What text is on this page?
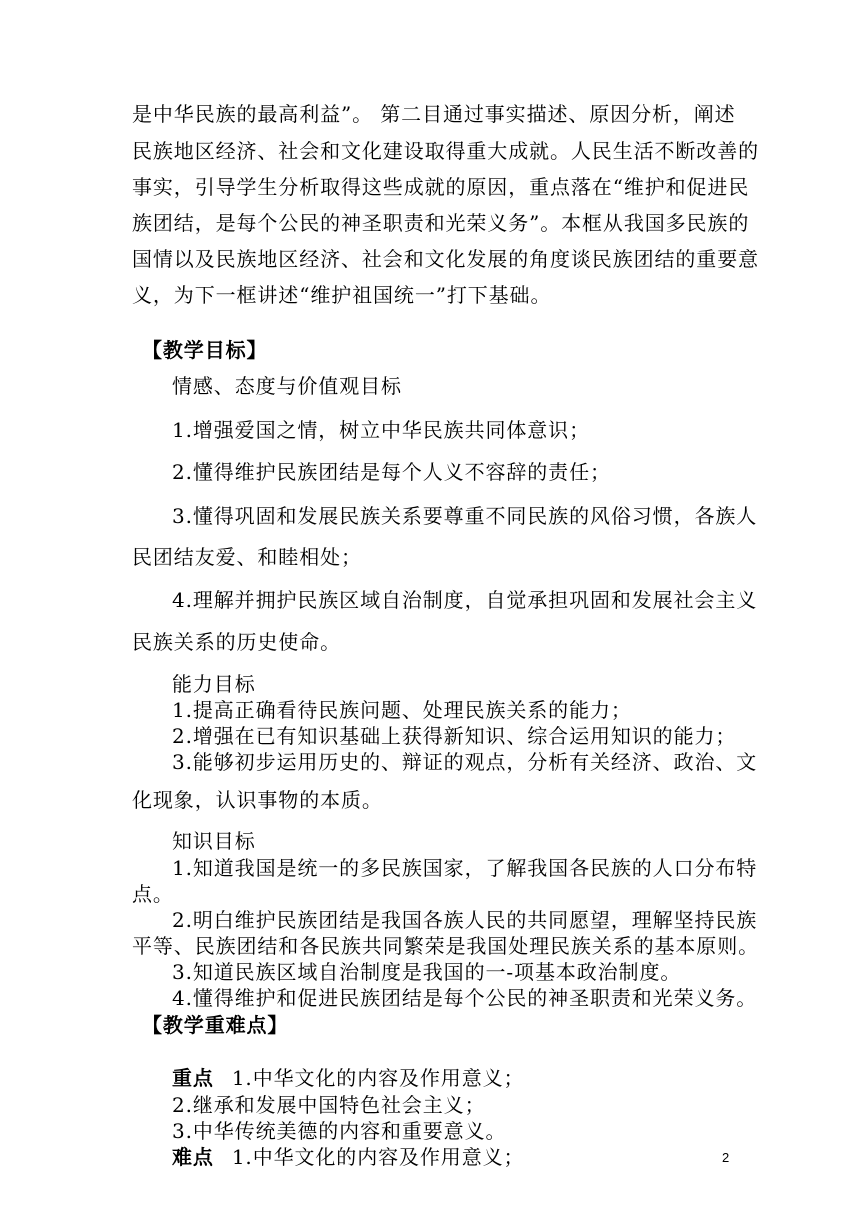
是中华民族的最高利益”。 第二目通过事实描述、原因分析，阐述
民族地区经济、社会和文化建设取得重大成就。人民生活不断改善的
事实，引导学生分析取得这些成就的原因，重点落在“维护和促进民
族团结，是每个公民的神圣职责和光荣义务”。本框从我国多民族的
国情以及民族地区经济、社会和文化发展的角度谈民族团结的重要意
义，为下一框讲述“维护祖国统一”打下基础。
【教学目标】
情感、态度与价值观目标
1.增强爱国之情，树立中华民族共同体意识；
2.懂得维护民族团结是每个人义不容辞的责任；
3.懂得巩固和发展民族关系要尊重不同民族的风俗习惯，各族人
民团结友爱、和睦相处；
4.理解并拥护民族区域自治制度，自觉承担巩固和发展社会主义
民族关系的历史使命。
能力目标
1.提高正确看待民族问题、处理民族关系的能力；
2.增强在已有知识基础上获得新知识、综合运用知识的能力；
3.能够初步运用历史的、辩证的观点，分析有关经济、政治、文
化现象，认识事物的本质。
知识目标
1.知道我国是统一的多民族国家，了解我国各民族的人口分布特
点。
2.明白维护民族团结是我国各族人民的共同愿望，理解坚持民族
平等、民族团结和各民族共同繁荣是我国处理民族关系的基本原则。
3.知道民族区域自治制度是我国的一-项基本政治制度。
4.懂得维护和促进民族团结是每个公民的神圣职责和光荣义务。
【教学重难点】
重点 1.中华文化的内容及作用意义；
2.继承和发展中国特色社会主义；
3.中华传统美德的内容和重要意义。
难点 1.中华文化的内容及作用意义；	2
